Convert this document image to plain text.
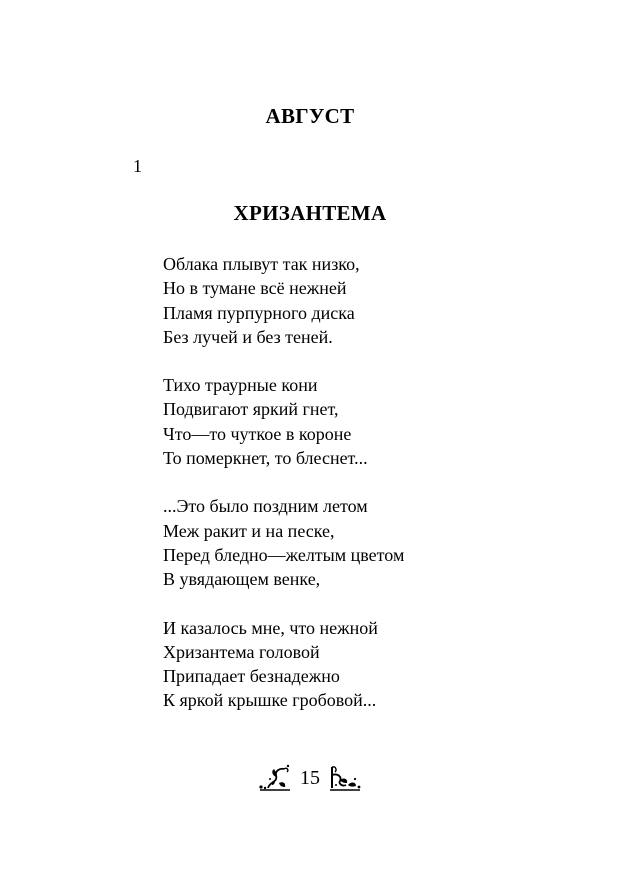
АВГУСТ
1
ХРИЗАНТЕМА
Облака плывут так низко,
Но в тумане всё нежней
Пламя пурпурного диска
Без лучей и без теней.
Тихо траурные кони
Подвигают яркий гнет,
Что—то чуткое в короне
То померкнет, то блеснет...
...Это было поздним летом
Меж ракит и на песке,
Перед бледно—желтым цветом
В увядающем венке,
И казалось мне, что нежной
Хризантема головой
Припадает безнадежно
К яркой крышке гробовой...
15
